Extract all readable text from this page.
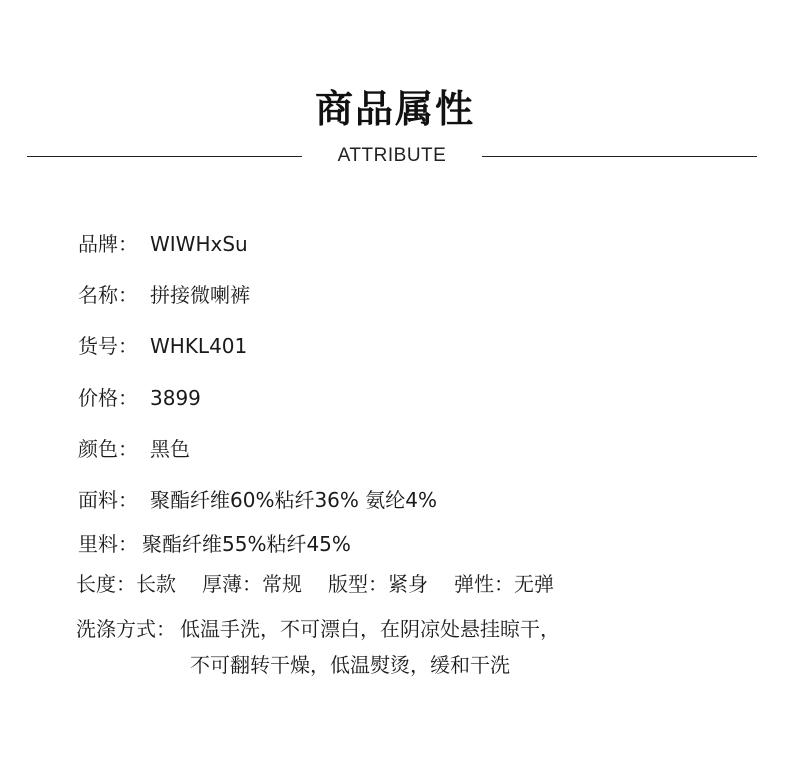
商品属性
ATTRIBUTE
品牌： WIWHxSu
名称： 拼接微喇裤
货号： WHKL401
价格： 3899
颜色： 黑色
面料： 聚酯纤维60%粘纤36% 氨纶4%
里料： 聚酯纤维55%粘纤45%
长度：长款 厚薄：常规 版型：紧身 弹性：无弹
洗涤方式： 低温手洗，不可漂白，在阴凉处悬挂晾干，
不可翻转干燥，低温熨烫，缓和干洗
